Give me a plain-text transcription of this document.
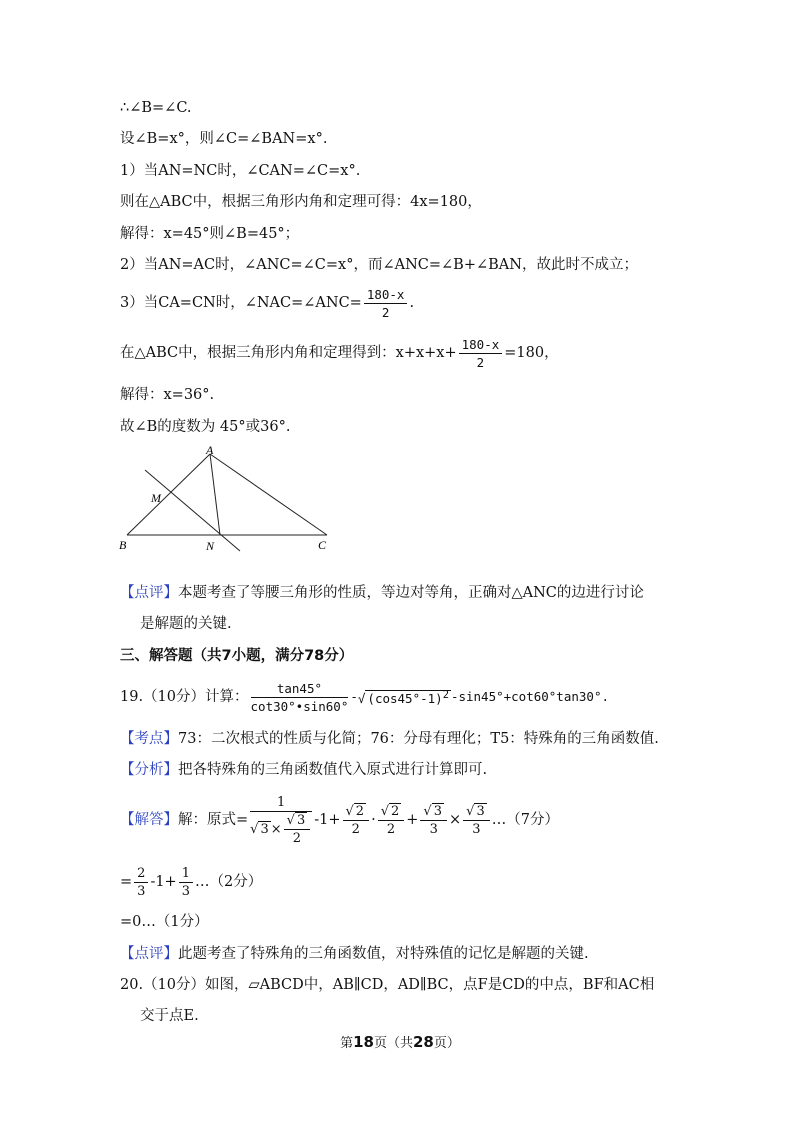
∴∠B=∠C.
设∠B=x°，则∠C=∠BAN=x°.
1）当AN=NC时，∠CAN=∠C=x°.
则在△ABC中，根据三角形内角和定理可得：4x=180，
解得：x=45°则∠B=45°；
2）当AN=AC时，∠ANC=∠C=x°，而∠ANC=∠B+∠BAN，故此时不成立；
3）当CA=CN时，∠NAC=∠ANC= $\frac{180-x}{2}$ .
在△ABC中，根据三角形内角和定理得到：$x+x+x+ \frac{180-x}{2} =180$，
解得：x=36°.
故∠B的度数为 45°或36°.
A
M
B	N	C
【点评】本题考查了等腰三角形的性质，等边对等角，正确对△ANC的边进行讨论
是解题的关键.
三、解答题（共7小题，满分78分）
19.（10分）计算： $\frac{\tan 45^\circ}{\cot 30^\circ•\sin 60^\circ}$ -√ $(\cos 45^\circ-1)^2$ -sin45°+cot60°tan30°.
【考点】73：二次根式的性质与化简；76：分母有理化；T5：特殊角的三角函数值.
【分析】把各特殊角的三角函数值代入原式进行计算即可.
【解答】解：原式= $\frac{1}{√ 3 \times \frac{√ 3}{2}} -1+ \frac{√ 2}{2} \cdot \frac{√ 2}{2} + \frac{√ 3}{3} \times \frac{√ 3}{3}$ …（7分）
= $\frac{2}{3} -1+ \frac{1}{3}$ …（2分）
=0…（1分）
【点评】此题考查了特殊角的三角函数值，对特殊值的记忆是解题的关键.
20.（10分）如图，▱ABCD中，AB∥CD，AD∥BC，点F是CD的中点，BF和AC相
交于点E.
第18页（共28页）
